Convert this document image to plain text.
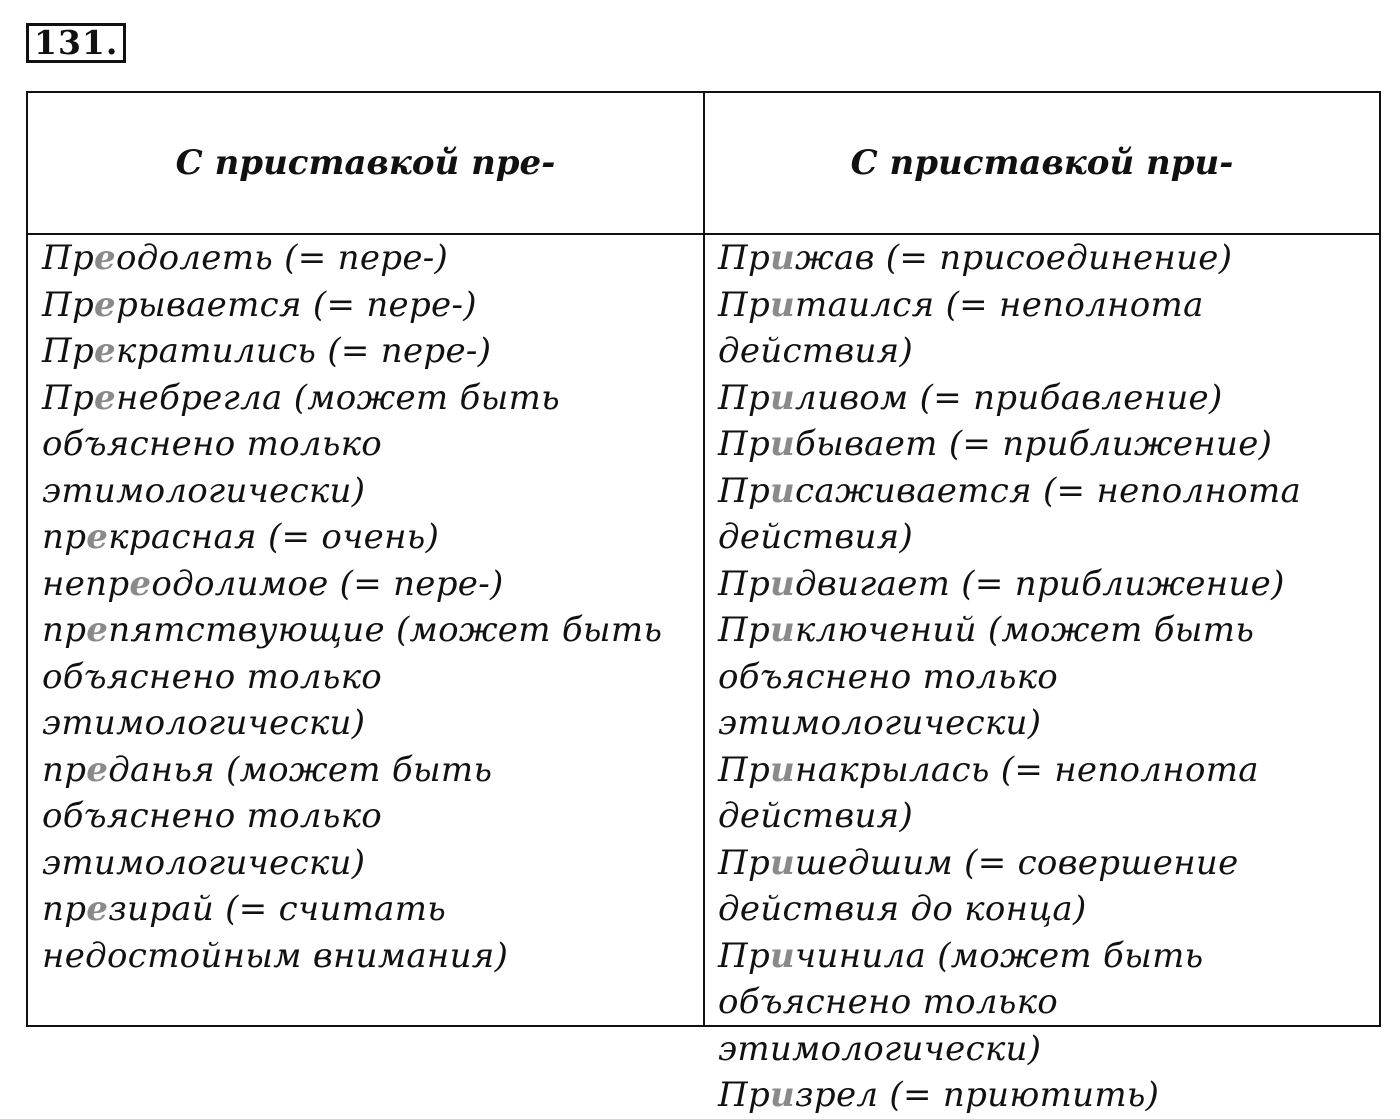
131.
С приставкой пре-	С приставкой при-
Преодолеть (= пере-)
Прерывается (= пере-)
Прекратились (= пере-)
Пренебрегла (может быть объяснено только этимологически)
прекрасная (= очень)
непреодолимое (= пере-)
препятствующие (может быть объяснено только этимологически)
преданья (может быть объяснено только этимологически)
презирай (= считать недостойным внимания)
Прижав (= присоединение)
Притаился (= неполнота действия)
Приливом (= прибавление)
Прибывает (= приближение)
Присаживается (= неполнота действия)
Придвигает (= приближение)
Приключений (может быть объяснено только этимологически)
Принакрылась (= неполнота действия)
Пришедшим (= совершение действия до конца)
Причинила (может быть объяснено только этимологически)
Призрел (= приютить)
